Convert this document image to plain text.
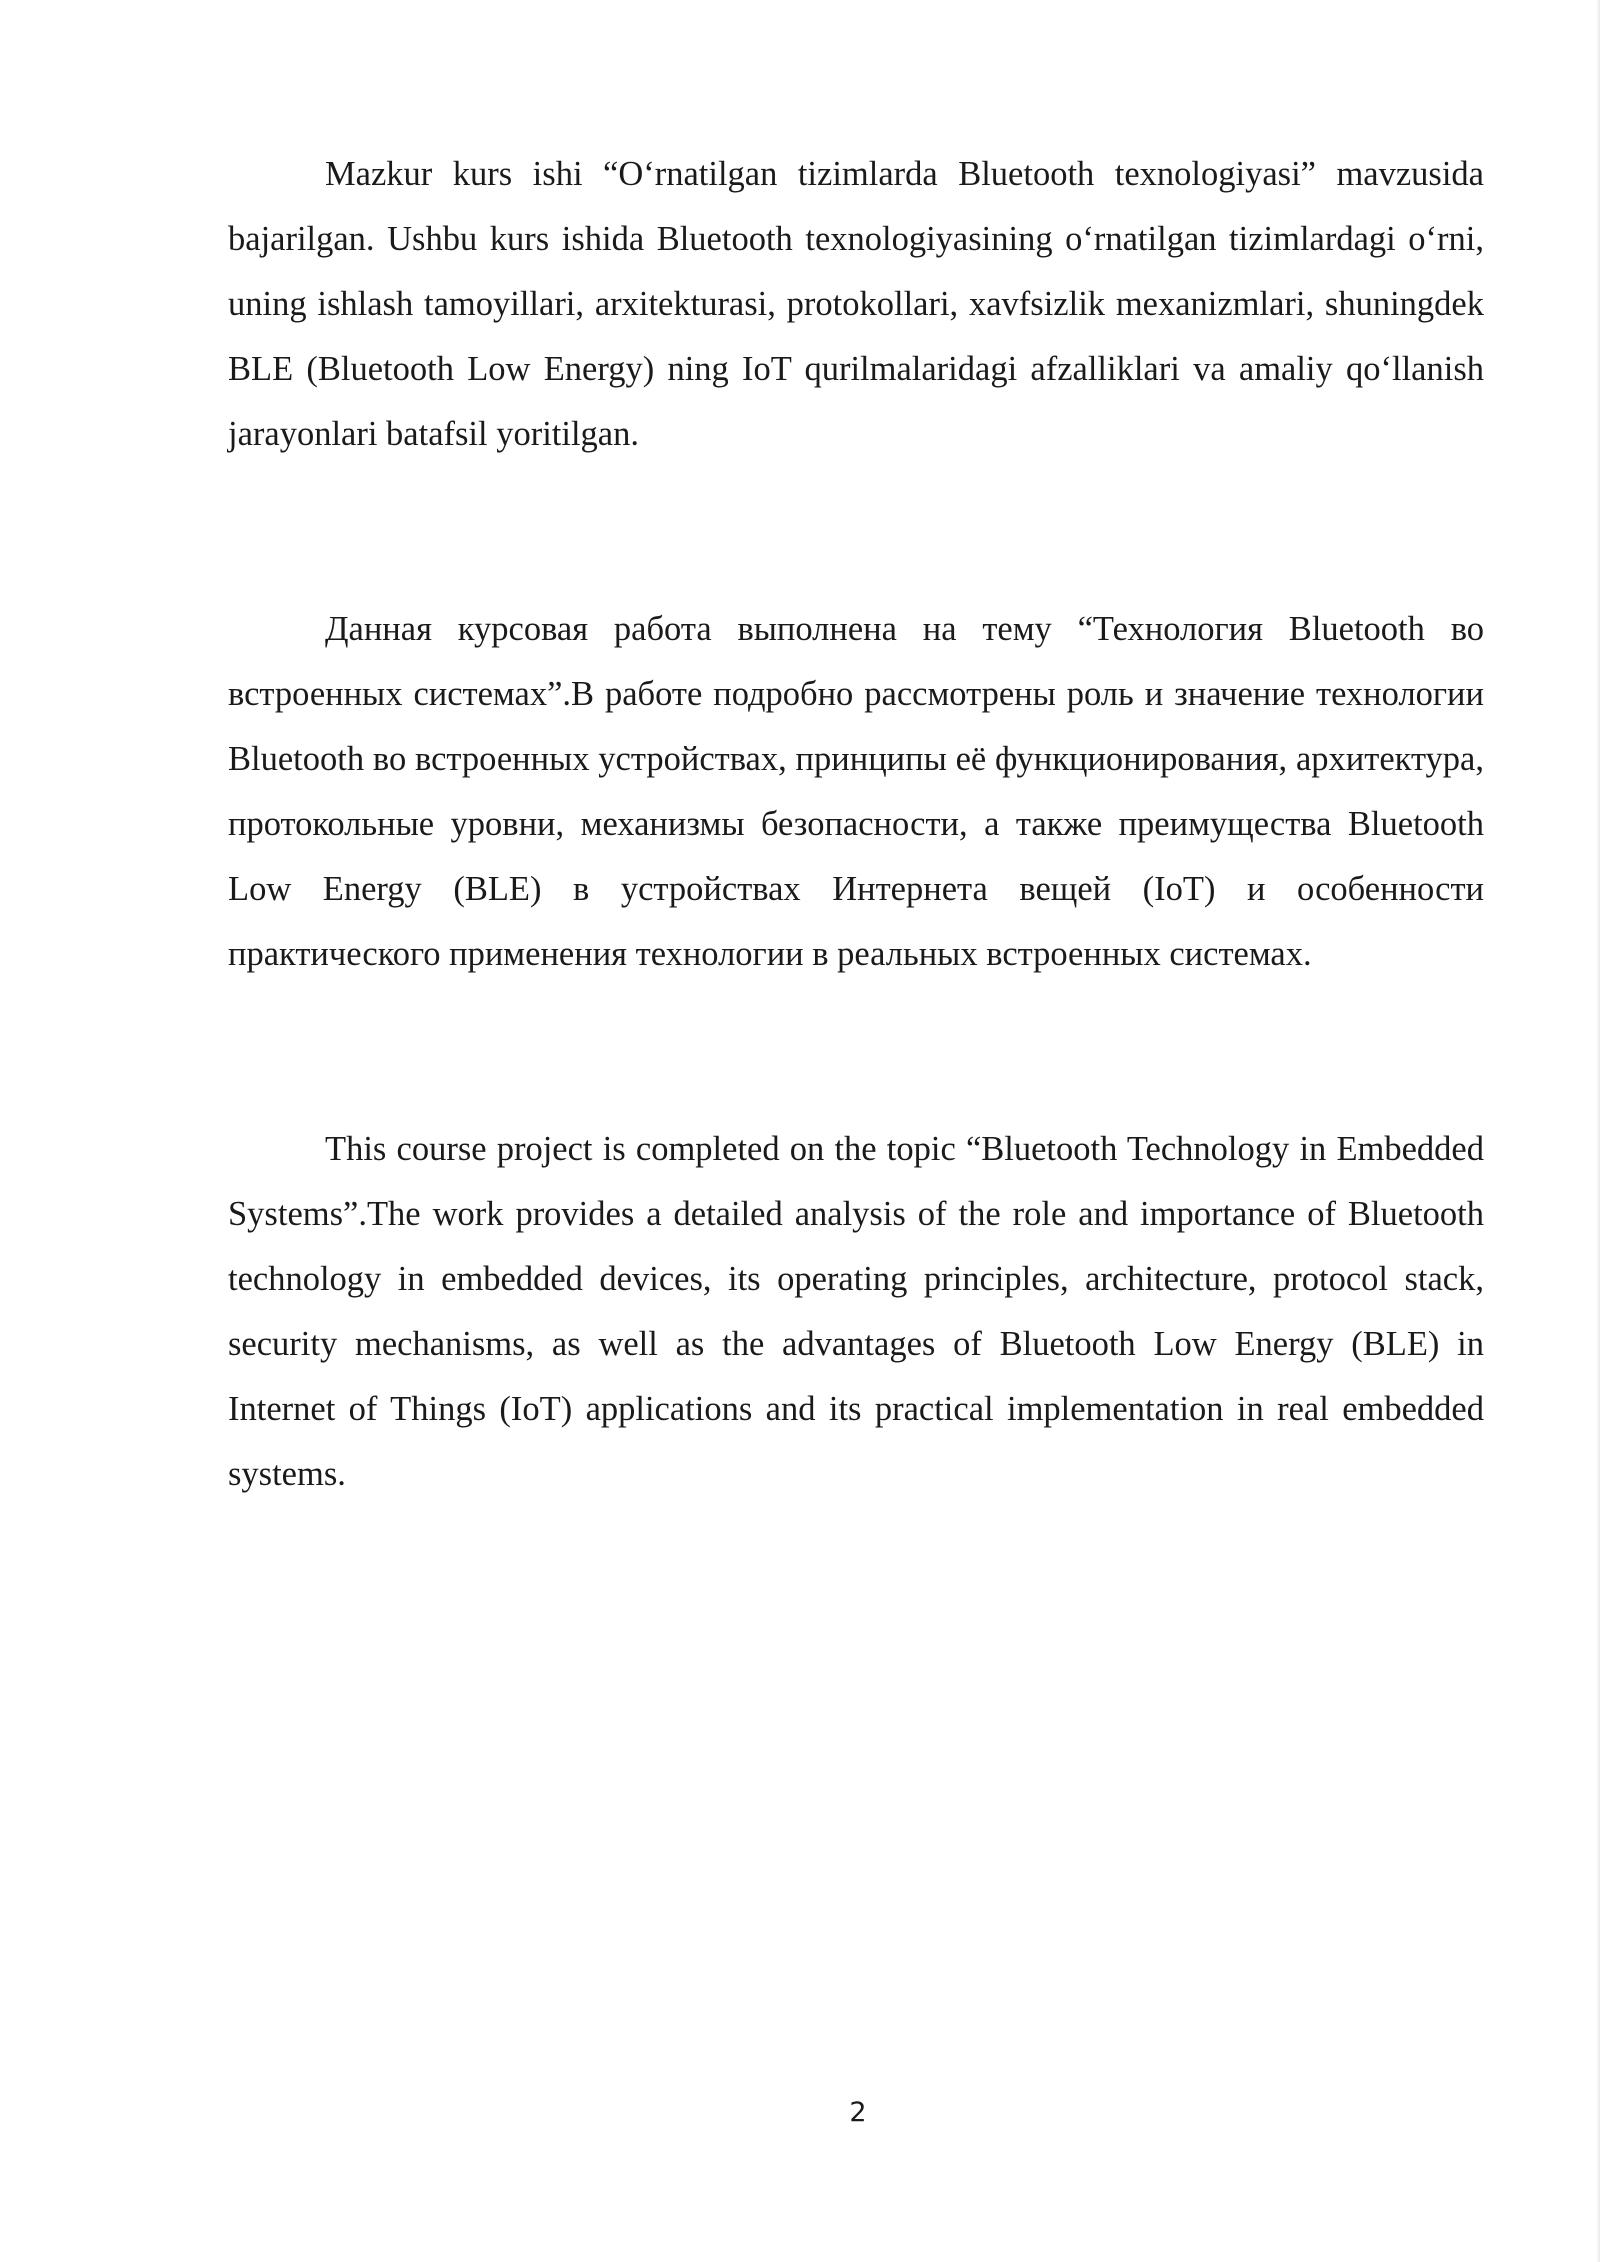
Mazkur kurs ishi “O‘rnatilgan tizimlarda Bluetooth texnologiyasi” mavzusida bajarilgan. Ushbu kurs ishida Bluetooth texnologiyasining o‘rnatilgan tizimlardagi o‘rni, uning ishlash tamoyillari, arxitekturasi, protokollari, xavfsizlik mexanizmlari, shuningdek BLE (Bluetooth Low Energy) ning IoT qurilmalaridagi afzalliklari va amaliy qo‘llanish jarayonlari batafsil yoritilgan.

Данная курсовая работа выполнена на тему “Технология Bluetooth во встроенных системах”.В работе подробно рассмотрены роль и значение технологии Bluetooth во встроенных устройствах, принципы её функционирования, архитектура, протокольные уровни, механизмы безопасности, а также преимущества Bluetooth Low Energy (BLE) в устройствах Интернета вещей (IoT) и особенности практического применения технологии в реальных встроенных системах.

This course project is completed on the topic “Bluetooth Technology in Embedded Systems”.The work provides a detailed analysis of the role and importance of Bluetooth technology in embedded devices, its operating principles, architecture, protocol stack, security mechanisms, as well as the advantages of Bluetooth Low Energy (BLE) in Internet of Things (IoT) applications and its practical implementation in real embedded systems.

2
